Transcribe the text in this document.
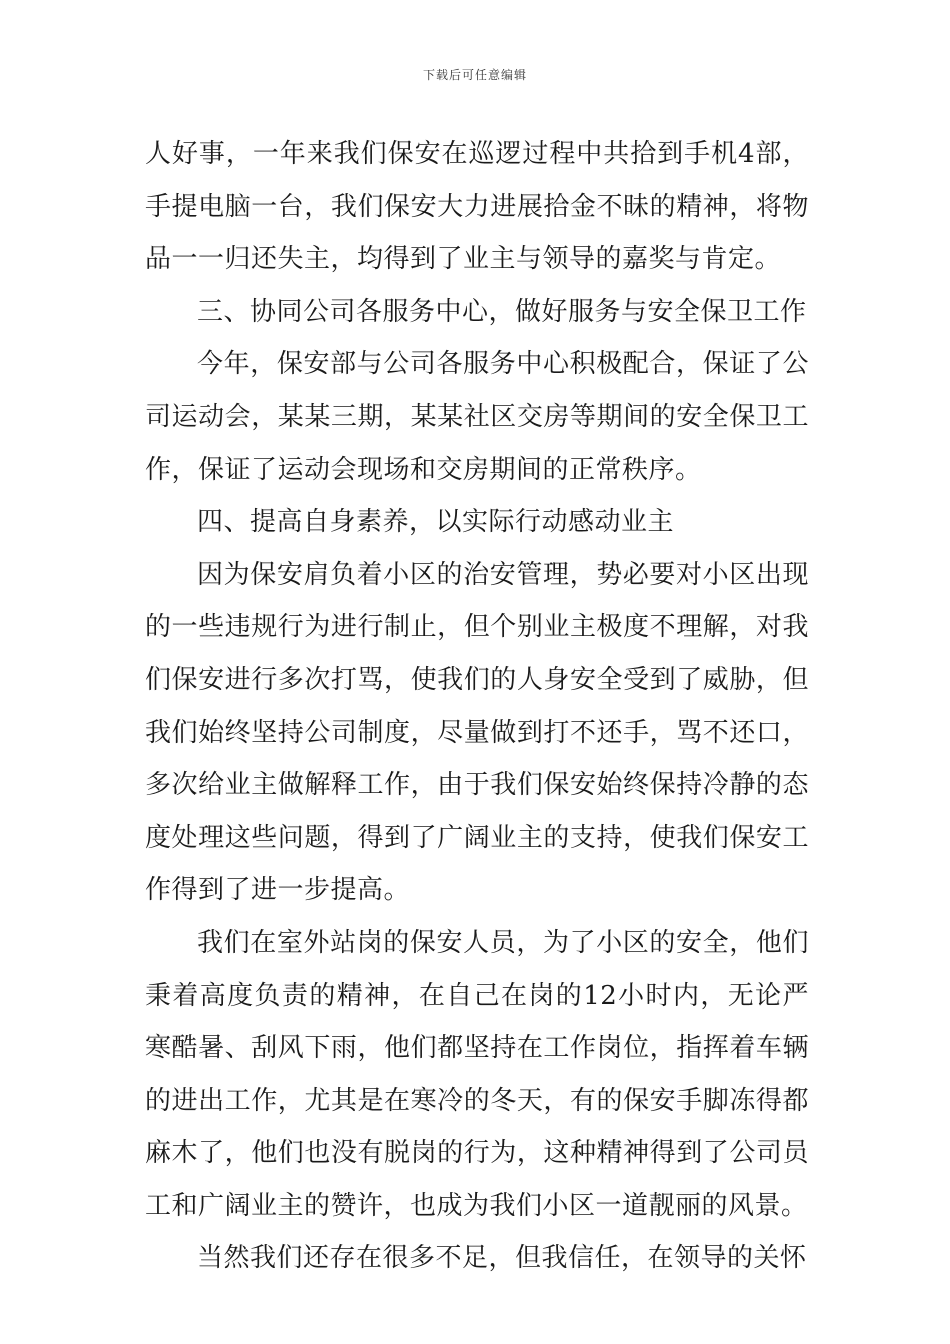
下载后可任意编辑

人好事，一年来我们保安在巡逻过程中共拾到手机4部，手提电脑一台，我们保安大力进展拾金不昧的精神，将物品一一归还失主，均得到了业主与领导的嘉奖与肯定。

三、协同公司各服务中心，做好服务与安全保卫工作

今年，保安部与公司各服务中心积极配合，保证了公司运动会，某某三期，某某社区交房等期间的安全保卫工作，保证了运动会现场和交房期间的正常秩序。

四、提高自身素养，以实际行动感动业主

因为保安肩负着小区的治安管理，势必要对小区出现的一些违规行为进行制止，但个别业主极度不理解，对我们保安进行多次打骂，使我们的人身安全受到了威胁，但我们始终坚持公司制度，尽量做到打不还手，骂不还口，多次给业主做解释工作，由于我们保安始终保持冷静的态度处理这些问题，得到了广阔业主的支持，使我们保安工作得到了进一步提高。

我们在室外站岗的保安人员，为了小区的安全，他们秉着高度负责的精神，在自己在岗的12小时内，无论严寒酷暑、刮风下雨，他们都坚持在工作岗位，指挥着车辆的进出工作，尤其是在寒冷的冬天，有的保安手脚冻得都麻木了，他们也没有脱岗的行为，这种精神得到了公司员工和广阔业主的赞许，也成为我们小区一道靓丽的风景。

当然我们还存在很多不足，但我信任，在领导的关怀
